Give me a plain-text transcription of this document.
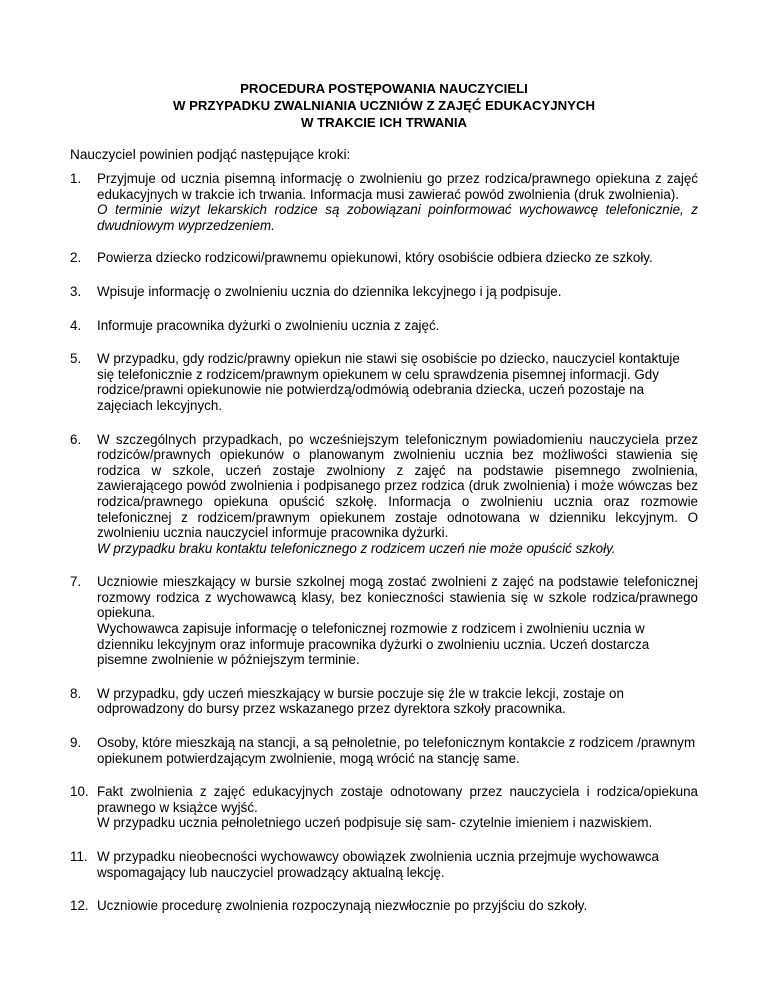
PROCEDURA POSTĘPOWANIA NAUCZYCIELI
W PRZYPADKU ZWALNIANIA UCZNIÓW Z ZAJĘĆ EDUKACYJNYCH
W TRAKCIE ICH TRWANIA
Nauczyciel powinien podjąć następujące kroki:
1.	Przyjmuje od ucznia pisemną informację o zwolnieniu go przez rodzica/prawnego opiekuna z zajęć edukacyjnych w trakcie ich trwania. Informacja musi zawierać powód zwolnienia (druk zwolnienia).
O terminie wizyt lekarskich rodzice są zobowiązani poinformować wychowawcę telefonicznie, z dwudniowym wyprzedzeniem.
2.	Powierza dziecko rodzicowi/prawnemu opiekunowi, który osobiście odbiera dziecko ze szkoły.
3.	Wpisuje informację o zwolnieniu ucznia do dziennika lekcyjnego i ją podpisuje.
4.	Informuje pracownika dyżurki o zwolnieniu ucznia z zajęć.
5.	W przypadku, gdy rodzic/prawny opiekun nie stawi się osobiście po dziecko, nauczyciel kontaktuje się telefonicznie z rodzicem/prawnym opiekunem w celu sprawdzenia pisemnej informacji. Gdy rodzice/prawni opiekunowie nie potwierdzą/odmówią odebrania dziecka, uczeń pozostaje na zajęciach lekcyjnych.
6.	W szczególnych przypadkach, po wcześniejszym telefonicznym powiadomieniu nauczyciela przez rodziców/prawnych opiekunów o planowanym zwolnieniu ucznia bez możliwości stawienia się rodzica w szkole, uczeń zostaje zwolniony z zajęć na podstawie pisemnego zwolnienia, zawierającego powód zwolnienia i podpisanego przez rodzica (druk zwolnienia) i może wówczas bez rodzica/prawnego opiekuna opuścić szkołę. Informacja o zwolnieniu ucznia oraz rozmowie telefonicznej z rodzicem/prawnym opiekunem zostaje odnotowana w dzienniku lekcyjnym. O zwolnieniu ucznia nauczyciel informuje pracownika dyżurki.
W przypadku braku kontaktu telefonicznego z rodzicem uczeń nie może opuścić szkoły.
7.	Uczniowie mieszkający w bursie szkolnej mogą zostać zwolnieni z zajęć na podstawie telefonicznej rozmowy rodzica z wychowawcą klasy, bez konieczności stawienia się w szkole rodzica/prawnego opiekuna.
Wychowawca zapisuje informację o telefonicznej rozmowie z rodzicem i zwolnieniu ucznia w dzienniku lekcyjnym oraz informuje pracownika dyżurki o zwolnieniu ucznia. Uczeń dostarcza pisemne zwolnienie w późniejszym terminie.
8.	W przypadku, gdy uczeń mieszkający w bursie poczuje się źle w trakcie lekcji, zostaje on odprowadzony do bursy przez wskazanego przez dyrektora szkoły pracownika.
9.	Osoby, które mieszkają na stancji, a są pełnoletnie, po telefonicznym kontakcie z rodzicem /prawnym opiekunem potwierdzającym zwolnienie, mogą wrócić na stancję same.
10. Fakt zwolnienia z zajęć edukacyjnych zostaje odnotowany przez nauczyciela i rodzica/opiekuna prawnego w książce wyjść.
W przypadku ucznia pełnoletniego uczeń podpisuje się sam- czytelnie imieniem i nazwiskiem.
11. W przypadku nieobecności wychowawcy obowiązek zwolnienia ucznia przejmuje wychowawca wspomagający lub nauczyciel prowadzący aktualną lekcję.
12. Uczniowie procedurę zwolnienia rozpoczynają niezwłocznie po przyjściu do szkoły.
